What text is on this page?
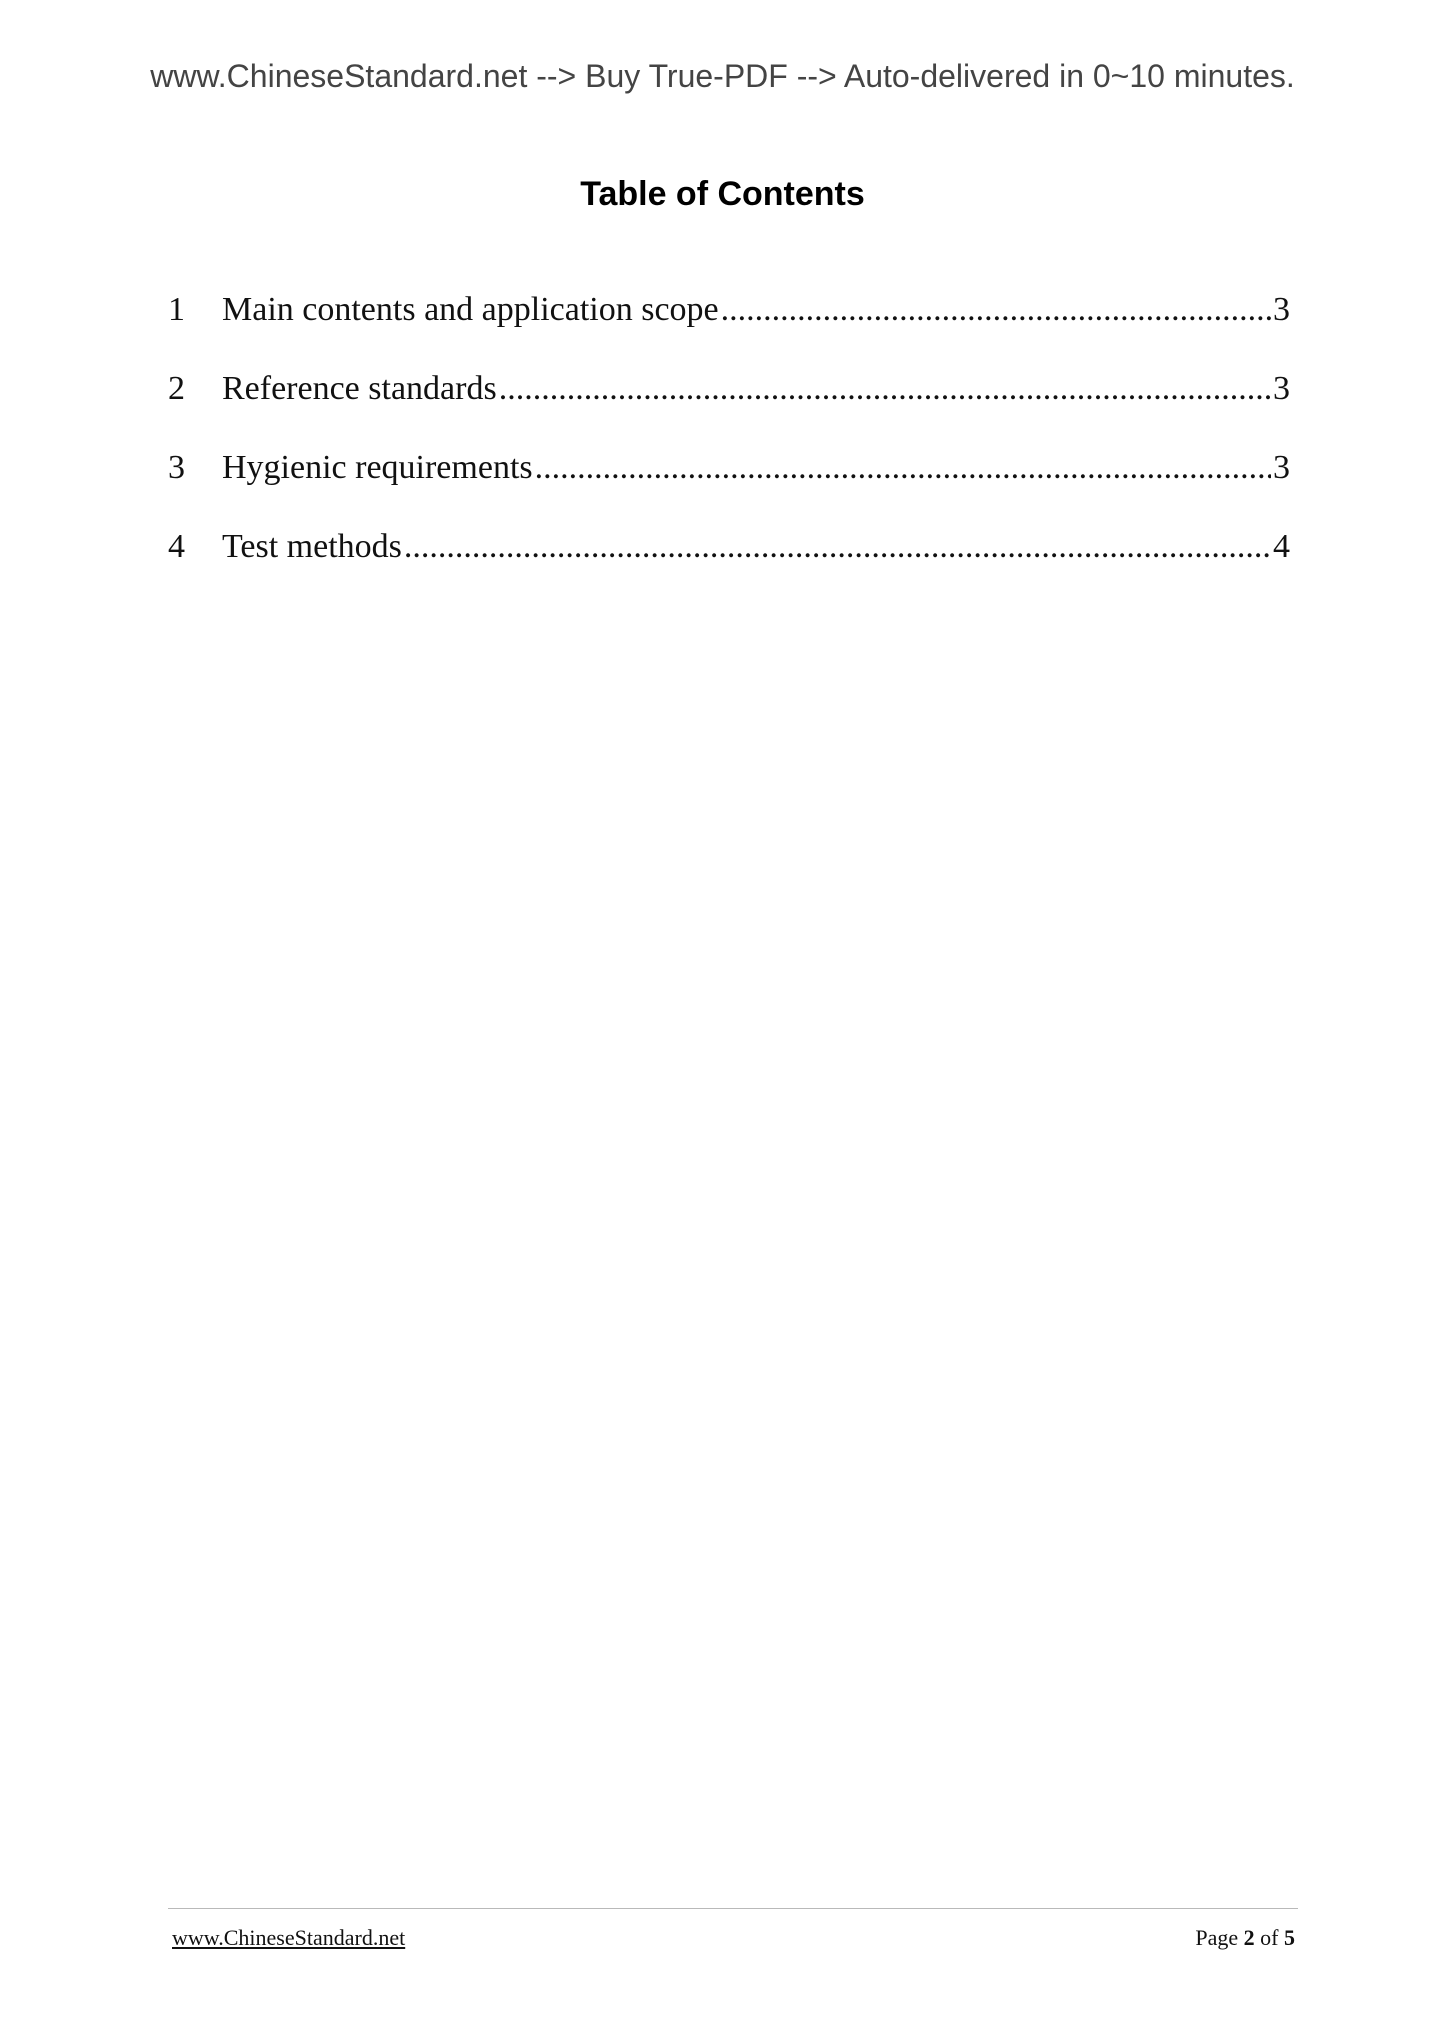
www.ChineseStandard.net --> Buy True-PDF --> Auto-delivered in 0~10 minutes.
Table of Contents
1	Main contents and application scope .....	3
2	Reference standards .....	3
3	Hygienic requirements .....	3
4	Test methods .....	4
www.ChineseStandard.net	Page 2 of 5
